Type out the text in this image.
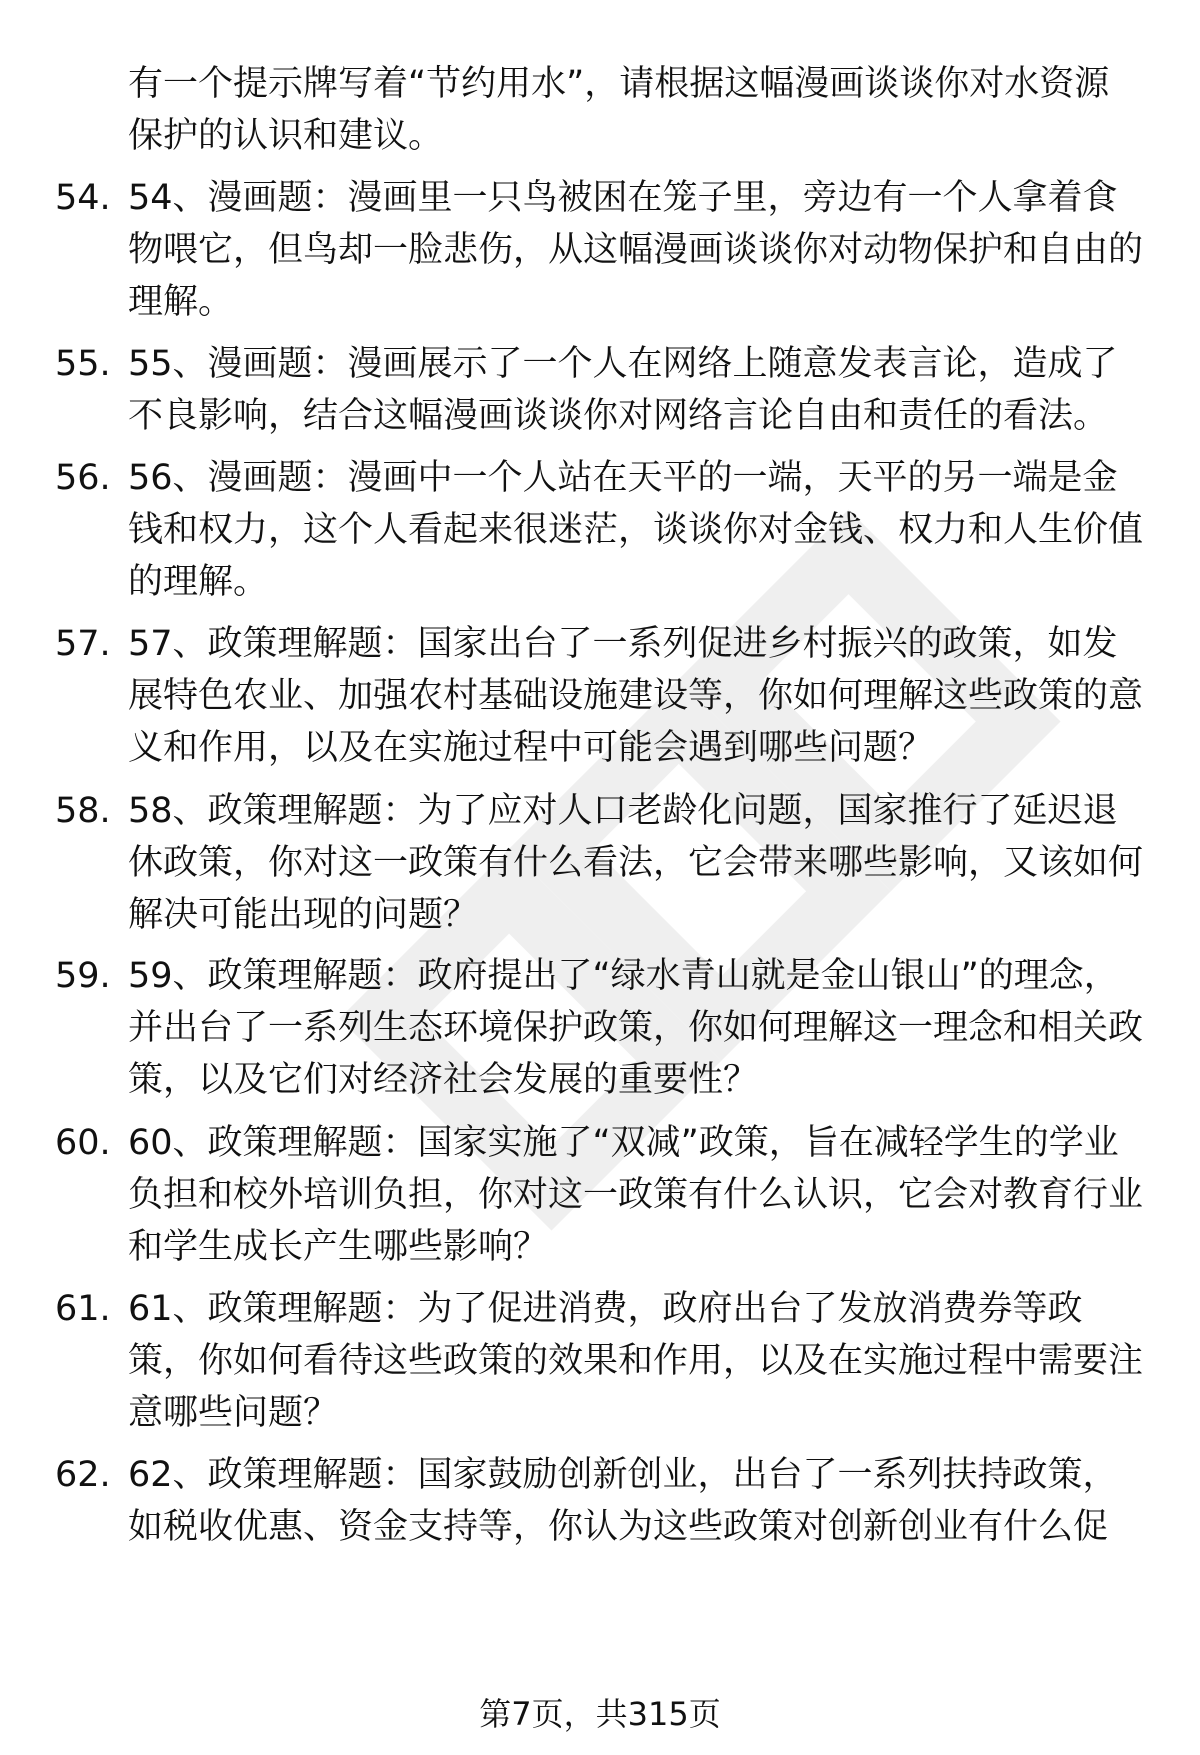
有一个提示牌写着“节约用水”，请根据这幅漫画谈谈你对水资源保护的认识和建议。
54. 54、漫画题：漫画里一只鸟被困在笼子里，旁边有一个人拿着食物喂它，但鸟却一脸悲伤，从这幅漫画谈谈你对动物保护和自由的理解。
55. 55、漫画题：漫画展示了一个人在网络上随意发表言论，造成了不良影响，结合这幅漫画谈谈你对网络言论自由和责任的看法。
56. 56、漫画题：漫画中一个人站在天平的一端，天平的另一端是金钱和权力，这个人看起来很迷茫，谈谈你对金钱、权力和人生价值的理解。
57. 57、政策理解题：国家出台了一系列促进乡村振兴的政策，如发展特色农业、加强农村基础设施建设等，你如何理解这些政策的意义和作用，以及在实施过程中可能会遇到哪些问题？
58. 58、政策理解题：为了应对人口老龄化问题，国家推行了延迟退休政策，你对这一政策有什么看法，它会带来哪些影响，又该如何解决可能出现的问题？
59. 59、政策理解题：政府提出了“绿水青山就是金山银山”的理念，并出台了一系列生态环境保护政策，你如何理解这一理念和相关政策，以及它们对经济社会发展的重要性？
60. 60、政策理解题：国家实施了“双减”政策，旨在减轻学生的学业负担和校外培训负担，你对这一政策有什么认识，它会对教育行业和学生成长产生哪些影响？
61. 61、政策理解题：为了促进消费，政府出台了发放消费券等政策，你如何看待这些政策的效果和作用，以及在实施过程中需要注意哪些问题？
62. 62、政策理解题：国家鼓励创新创业，出台了一系列扶持政策，如税收优惠、资金支持等，你认为这些政策对创新创业有什么促
第7页，共315页
